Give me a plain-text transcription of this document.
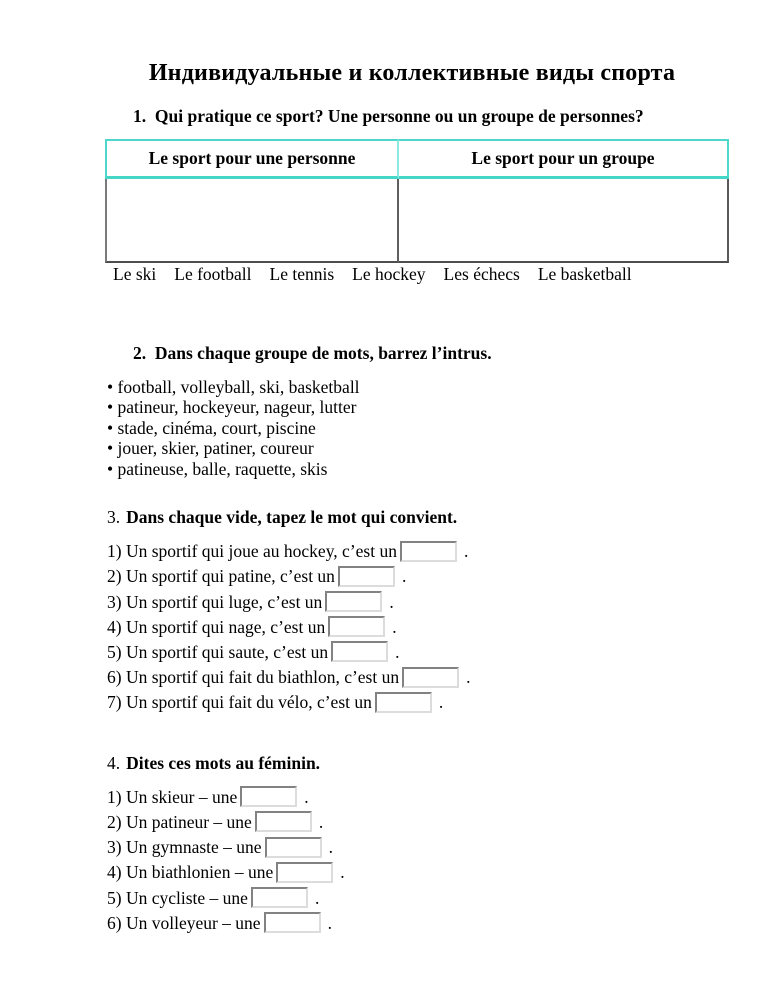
Индивидуальные и коллективные виды спорта
1.  Qui pratique ce sport? Une personne ou un groupe de personnes?
Le sport pour une personne	Le sport pour un groupe

Le ski Le football Le tennis Le hockey Les échecs Le basketball
2.  Dans chaque groupe de mots, barrez l’intrus.
• football, volleyball, ski, basketball
• patineur, hockeyeur, nageur, lutter
• stade, cinéma, court, piscine
• jouer, skier, patiner, coureur
• patineuse, balle, raquette, skis
3. Dans chaque vide, tapez le mot qui convient.
1) Un sportif qui joue au hockey, c’est un	.
2) Un sportif qui patine, c’est un	.
3) Un sportif qui luge, c’est un	.
4) Un sportif qui nage, c’est un	.
5) Un sportif qui saute, c’est un	.
6) Un sportif qui fait du biathlon, c’est un	.
7) Un sportif qui fait du vélo, c’est un	.
4. Dites ces mots au féminin.
1) Un skieur – une	.
2) Un patineur – une	.
3) Un gymnaste – une	.
4) Un biathlonien – une	.
5) Un cycliste – une	.
6) Un volleyeur – une	.
